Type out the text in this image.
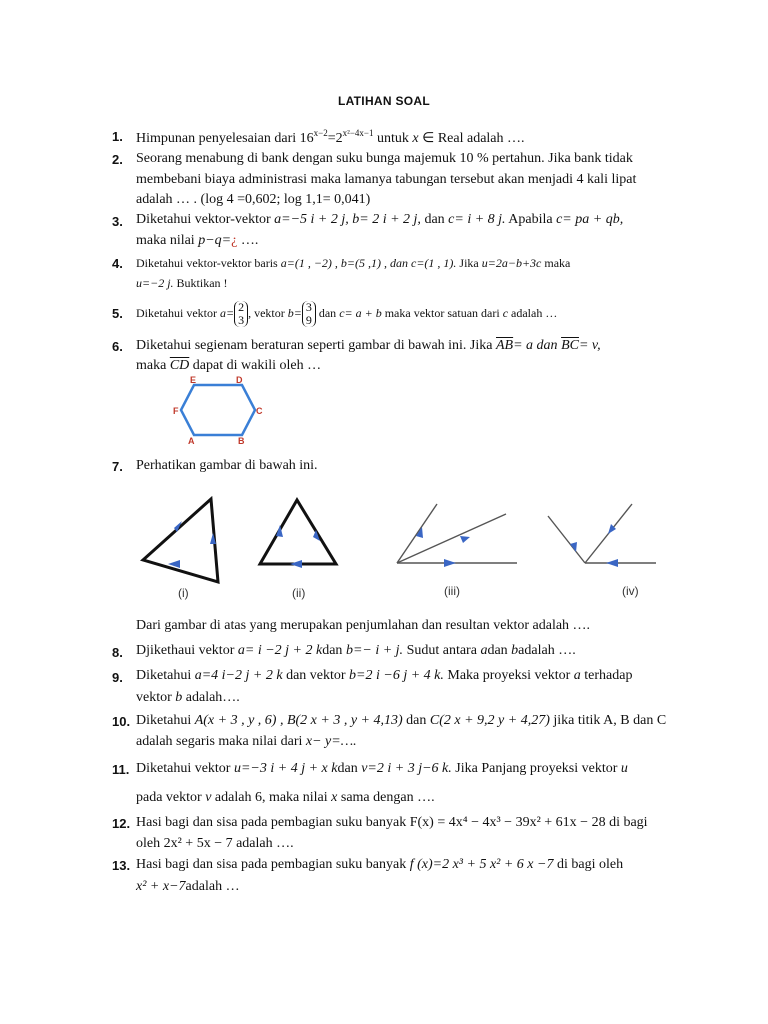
LATIHAN SOAL
1.
2.
3.
4.
5.
6.
7.
8.
9.
10.
11.
12.
13.
Himpunan penyelesaian dari $16^{x-2}=2^{x^2-4x-1}$ untuk x ∈ Real adalah ….
Seorang menabung di bank dengan suku bunga majemuk 10 % pertahun. Jika bank tidak
membebani biaya administrasi maka lamanya tabungan tersebut akan menjadi 4 kali lipat
adalah … . (log 4 =0,602; log 1,1= 0,041)
Diketahui vektor-vektor a=−5 i + 2 j, b= 2 i + 2 j, dan c= i + 8 j. Apabila c= pa + qb,
maka nilai p−q=¿ ….
Diketahui vektor-vektor baris a=(1 , −2) , b=(5 ,1) , dan c=(1 , 1). Jika u=2a−b+3c maka
u=−2 j. Buktikan !
Diketahui vektor a= 2
3, vektor b= 3
9 dan c= a + b maka vektor satuan dari c adalah …
Diketahui segienam beraturan seperti gambar di bawah ini. Jika $\overline{AB}= a$ dan $\overline{BC}= v$,
maka $\overline{CD}$ dapat di wakili oleh …
E	D
F	C
A	B
Perhatikan gambar di bawah ini.
(i)	(ii)	(iii)	(iv)
Dari gambar di atas yang merupakan penjumlahan dan resultan vektor adalah ….
Djikethaui vektor a= i −2 j + 2 kdan b=− i + j. Sudut antara adan badalah ….
Diketahui a=4 i−2 j + 2 k dan vektor b=2 i −6 j + 4 k. Maka proyeksi vektor a terhadap
vektor b adalah….
Diketahui A(x + 3 , y , 6) , B(2 x + 3 , y + 4,13) dan C(2 x + 9,2 y + 4,27) jika titik A, B dan C
adalah segaris maka nilai dari x− y=….
Diketahui vektor u=−3 i + 4 j + x kdan v=2 i + 3 j−6 k. Jika Panjang proyeksi vektor u
pada vektor v adalah 6, maka nilai x sama dengan ….
Hasi bagi dan sisa pada pembagian suku banyak F(x) = 4x⁴ − 4x³ − 39x² + 61x − 28 di bagi
oleh 2x² + 5x − 7 adalah ….
Hasi bagi dan sisa pada pembagian suku banyak f (x)=2 x³ + 5 x² + 6 x −7 di bagi oleh
x² + x−7adalah …
